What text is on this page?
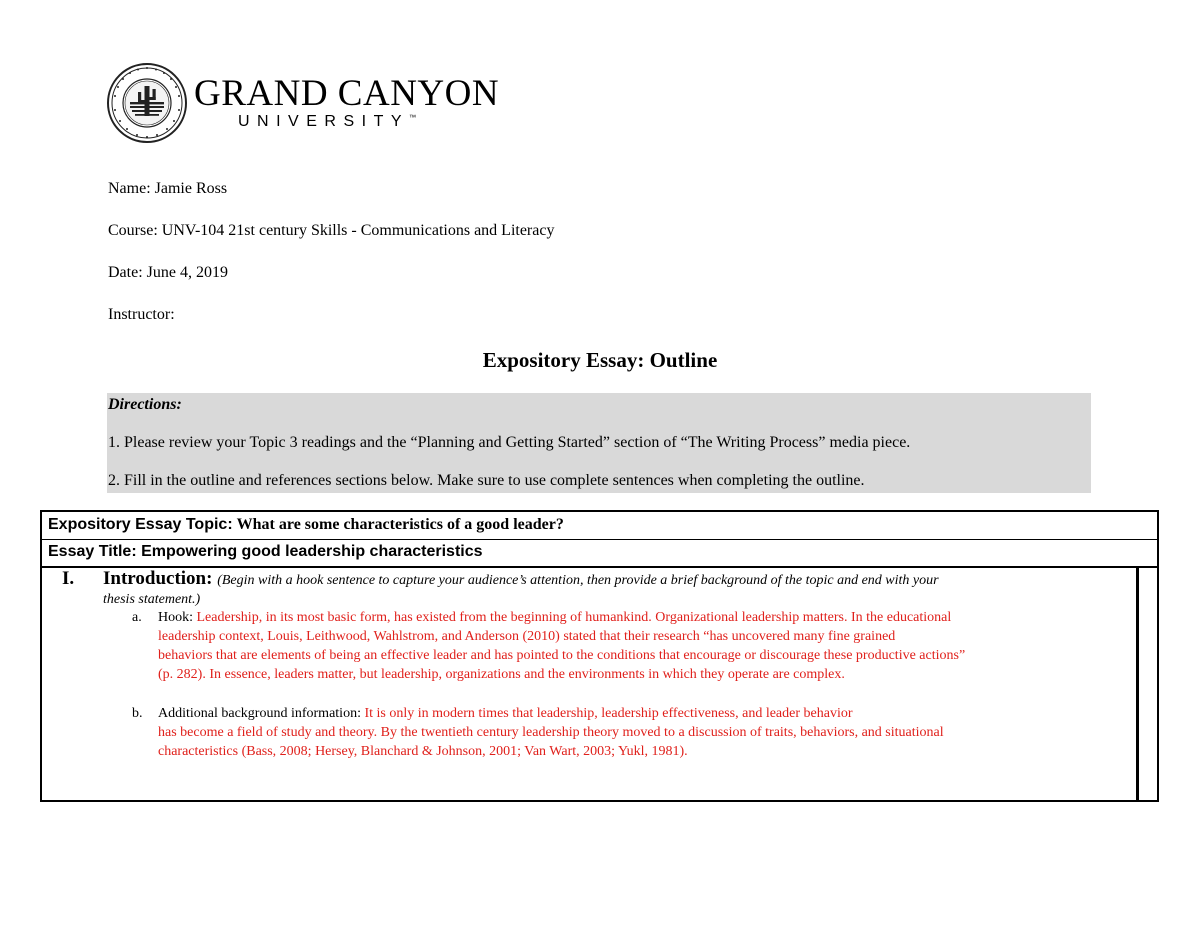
GRAND CANYON
UNIVERSITY™
Name: Jamie Ross
Course: UNV-104 21st century Skills - Communications and Literacy
Date: June 4, 2019
Instructor:
Expository Essay: Outline
Directions:
1. Please review your Topic 3 readings and the “Planning and Getting Started” section of “The Writing Process” media piece.
2. Fill in the outline and references sections below. Make sure to use complete sentences when completing the outline.
Expository Essay Topic: What are some characteristics of a good leader?
Essay Title: Empowering good leadership characteristics
I. Introduction: (Begin with a hook sentence to capture your audience’s attention, then provide a brief background of the topic and end with your
thesis statement.)
a. Hook: Leadership, in its most basic form, has existed from the beginning of humankind. Organizational leadership matters. In the educational
leadership context, Louis, Leithwood, Wahlstrom, and Anderson (2010) stated that their research “has uncovered many fine grained
behaviors that are elements of being an effective leader and has pointed to the conditions that encourage or discourage these productive actions”
(p. 282). In essence, leaders matter, but leadership, organizations and the environments in which they operate are complex.
b. Additional background information: It is only in modern times that leadership, leadership effectiveness, and leader behavior
has become a field of study and theory. By the twentieth century leadership theory moved to a discussion of traits, behaviors, and situational
characteristics (Bass, 2008; Hersey, Blanchard & Johnson, 2001; Van Wart, 2003; Yukl, 1981).
